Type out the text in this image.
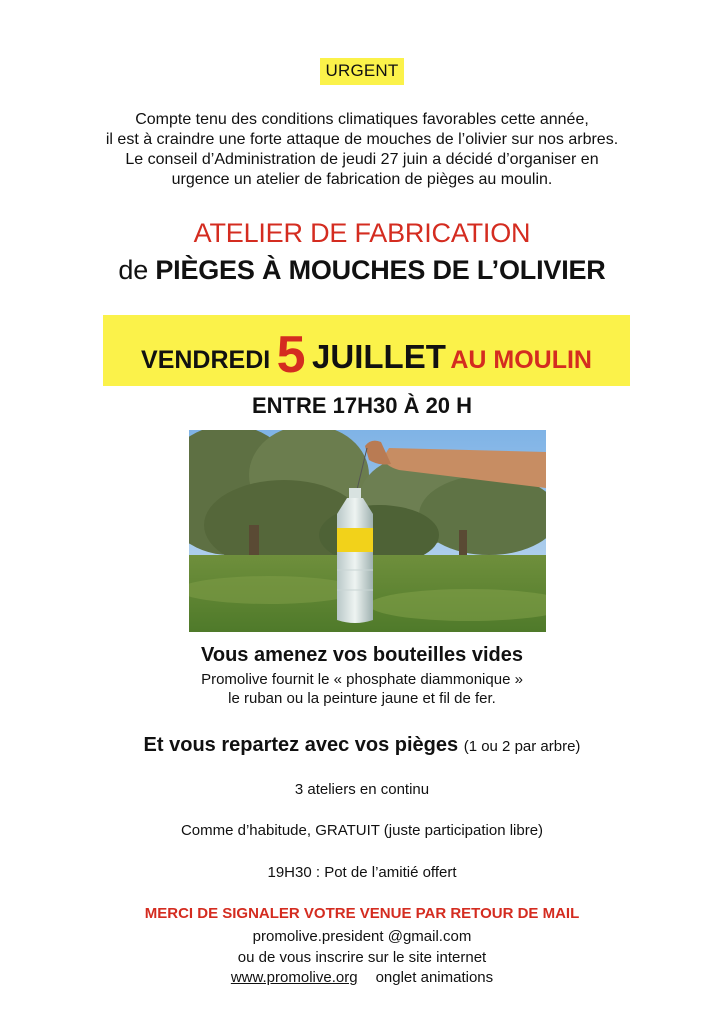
URGENT
Compte tenu des conditions climatiques favorables cette année,
il est à craindre une forte attaque de mouches de l’olivier sur nos arbres.
Le conseil d’Administration de jeudi 27 juin a décidé d’organiser en
urgence un atelier de fabrication de pièges au moulin.
ATELIER DE FABRICATION
de PIÈGES À MOUCHES DE L’OLIVIER
VENDREDI 5 JUILLET AU MOULIN
ENTRE 17H30 À 20 H
Vous amenez vos bouteilles vides
Promolive fournit le « phosphate diammonique »
le ruban ou la peinture jaune et fil de fer.
Et vous repartez avec vos pièges (1 ou 2 par arbre)
3 ateliers en continu
Comme d’habitude, GRATUIT (juste participation libre)
19H30 : Pot de l’amitié offert
MERCI DE SIGNALER VOTRE VENUE PAR RETOUR DE MAIL
promolive.president @gmail.com
ou de vous inscrire sur le site internet
www.promolive.org onglet animations
